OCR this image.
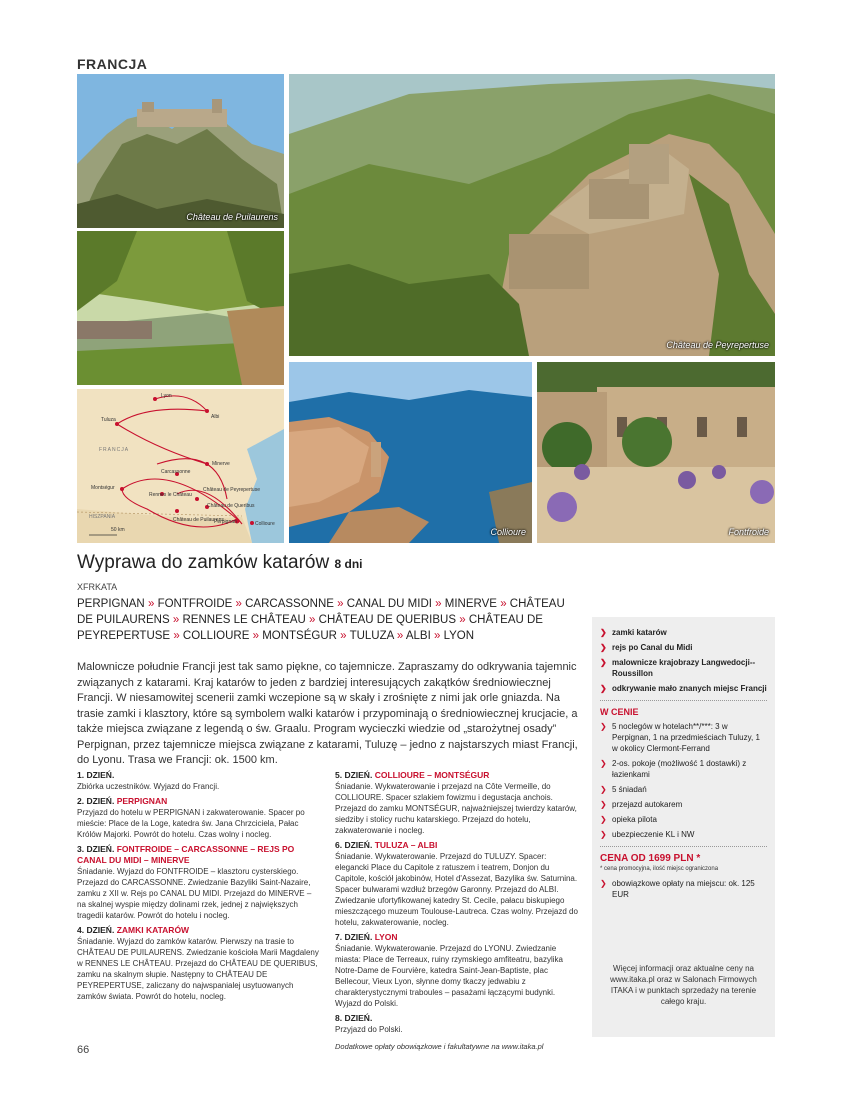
FRANCJA
Château de Puilaurens
Lyon
Tuluza	Albi
FRANCJA
Carcassonne
Minerve
Montségur
Rennes le Château
Château de Peyrepertuse
Château de Queribus
Château de Puilaurens
Perpignan	Collioure
HISZPANIA
50 km
Château de Peyrepertuse
Collioure	Fontfroide
Wyprawa do zamków katarów 8 dni
XFRKATA
PERPIGNAN » FONTFROIDE » CARCASSONNE » CANAL DU MIDI » MINERVE » CHÂTEAU DE PUILAURENS » RENNES LE CHÂTEAU » CHÂTEAU DE QUERIBUS » CHÂTEAU DE PEYREPERTUSE » COLLIOURE » MONTSÉGUR » TULUZA » ALBI » LYON
Malownicze południe Francji jest tak samo piękne, co tajemnicze. Zapraszamy do odkrywania tajemnic związanych z katarami. Kraj katarów to jeden z bardziej interesujących zakątków średniowiecznej Francji. W niesamowitej scenerii zamki wczepione są w skały i zrośnięte z nimi jak orle gniazda. Na trasie zamki i klasztory, które są symbolem walki katarów i przypominają o średniowiecznej krucjacie, a także miejsca związane z legendą o św. Graalu. Program wycieczki wiedzie od „starożytnej osady” Perpignan, przez tajemnicze miejsca związane z katarami, Tuluzę – jedno z najstarszych miast Francji, do Lyonu. Trasa we Francji: ok. 1500 km.
1. DZIEŃ.
Zbiórka uczestników. Wyjazd do Francji.
2. DZIEŃ. PERPIGNAN
Przyjazd do hotelu w PERPIGNAN i zakwaterowanie. Spacer po mieście: Place de la Loge, katedra św. Jana Chrzciciela, Pałac Królów Majorki. Powrót do hotelu. Czas wolny i nocleg.
3. DZIEŃ. FONTFROIDE – CARCASSONNE – REJS PO CANAL DU MIDI – MINERVE
Śniadanie. Wyjazd do FONTFROIDE – klasztoru cysterskiego. Przejazd do CARCASSONNE. Zwiedzanie Bazyliki Saint-Nazaire, zamku z XII w. Rejs po CANAL DU MIDI. Przejazd do MINERVE – na skalnej wyspie między dolinami rzek, jednej z największych tragedii katarów. Powrót do hotelu i nocleg.
4. DZIEŃ. ZAMKI KATARÓW
Śniadanie. Wyjazd do zamków katarów. Pierwszy na trasie to CHÂTEAU DE PUILAURENS. Zwiedzanie kościoła Marii Magdaleny w RENNES LE CHÂTEAU. Przejazd do CHÂTEAU DE QUERIBUS, zamku na skalnym słupie. Następny to CHÂTEAU DE PEYREPERTUSE, zaliczany do najwspanialej usytuowanych zamków świata. Powrót do hotelu, nocleg.
5. DZIEŃ. COLLIOURE – MONTSÉGUR
Śniadanie. Wykwaterowanie i przejazd na Côte Vermeille, do COLLIOURE. Spacer szlakiem fowizmu i degustacja anchois. Przejazd do zamku MONTSÉGUR, najważniejszej twierdzy katarów, siedziby i stolicy ruchu katarskiego. Przejazd do hotelu, zakwaterowanie i nocleg.
6. DZIEŃ. TULUZA – ALBI
Śniadanie. Wykwaterowanie. Przejazd do TULUZY. Spacer: elegancki Place du Capitole z ratuszem i teatrem, Donjon du Capitole, kościół jakobinów, Hotel d'Assezat, Bazylika św. Saturnina. Spacer bulwarami wzdłuż brzegów Garonny. Przejazd do ALBI. Zwiedzanie ufortyfikowanej katedry St. Cecile, pałacu biskupiego mieszczącego muzeum Toulouse-Lautreca. Czas wolny. Przejazd do hotelu, zakwaterowanie, nocleg.
7. DZIEŃ. LYON
Śniadanie. Wykwaterowanie. Przejazd do LYONU. Zwiedzanie miasta: Place de Terreaux, ruiny rzymskiego amfiteatru, bazylika Notre-Dame de Fourvière, katedra Saint-Jean-Baptiste, plac Bellecour, Vieux Lyon, słynne domy tkaczy jedwabiu z charakterystycznymi traboules – pasażami łączącymi budynki. Wyjazd do Polski.
8. DZIEŃ.
Przyjazd do Polski.
Dodatkowe opłaty obowiązkowe i fakultatywne na www.itaka.pl
❯ zamki katarów
❯ rejs po Canal du Midi
❯ malownicze krajobrazy Langwedocji--Roussillon
❯ odkrywanie mało znanych miejsc Francji
W CENIE
❯ 5 noclegów w hotelach**/***: 3 w Perpignan, 1 na przedmieściach Tuluzy, 1 w okolicy Clermont-Ferrand
❯ 2-os. pokoje (możliwość 1 dostawki) z łazienkami
❯ 5 śniadań
❯ przejazd autokarem
❯ opieka pilota
❯ ubezpieczenie KL i NW
CENA OD 1699 PLN *
* cena promocyjna, ilość miejsc ograniczona
❯ obowiązkowe opłaty na miejscu: ok. 125 EUR
Więcej informacji oraz aktualne ceny na www.itaka.pl oraz w Salonach Firmowych ITAKA i w punktach sprzedaży na terenie całego kraju.
66
